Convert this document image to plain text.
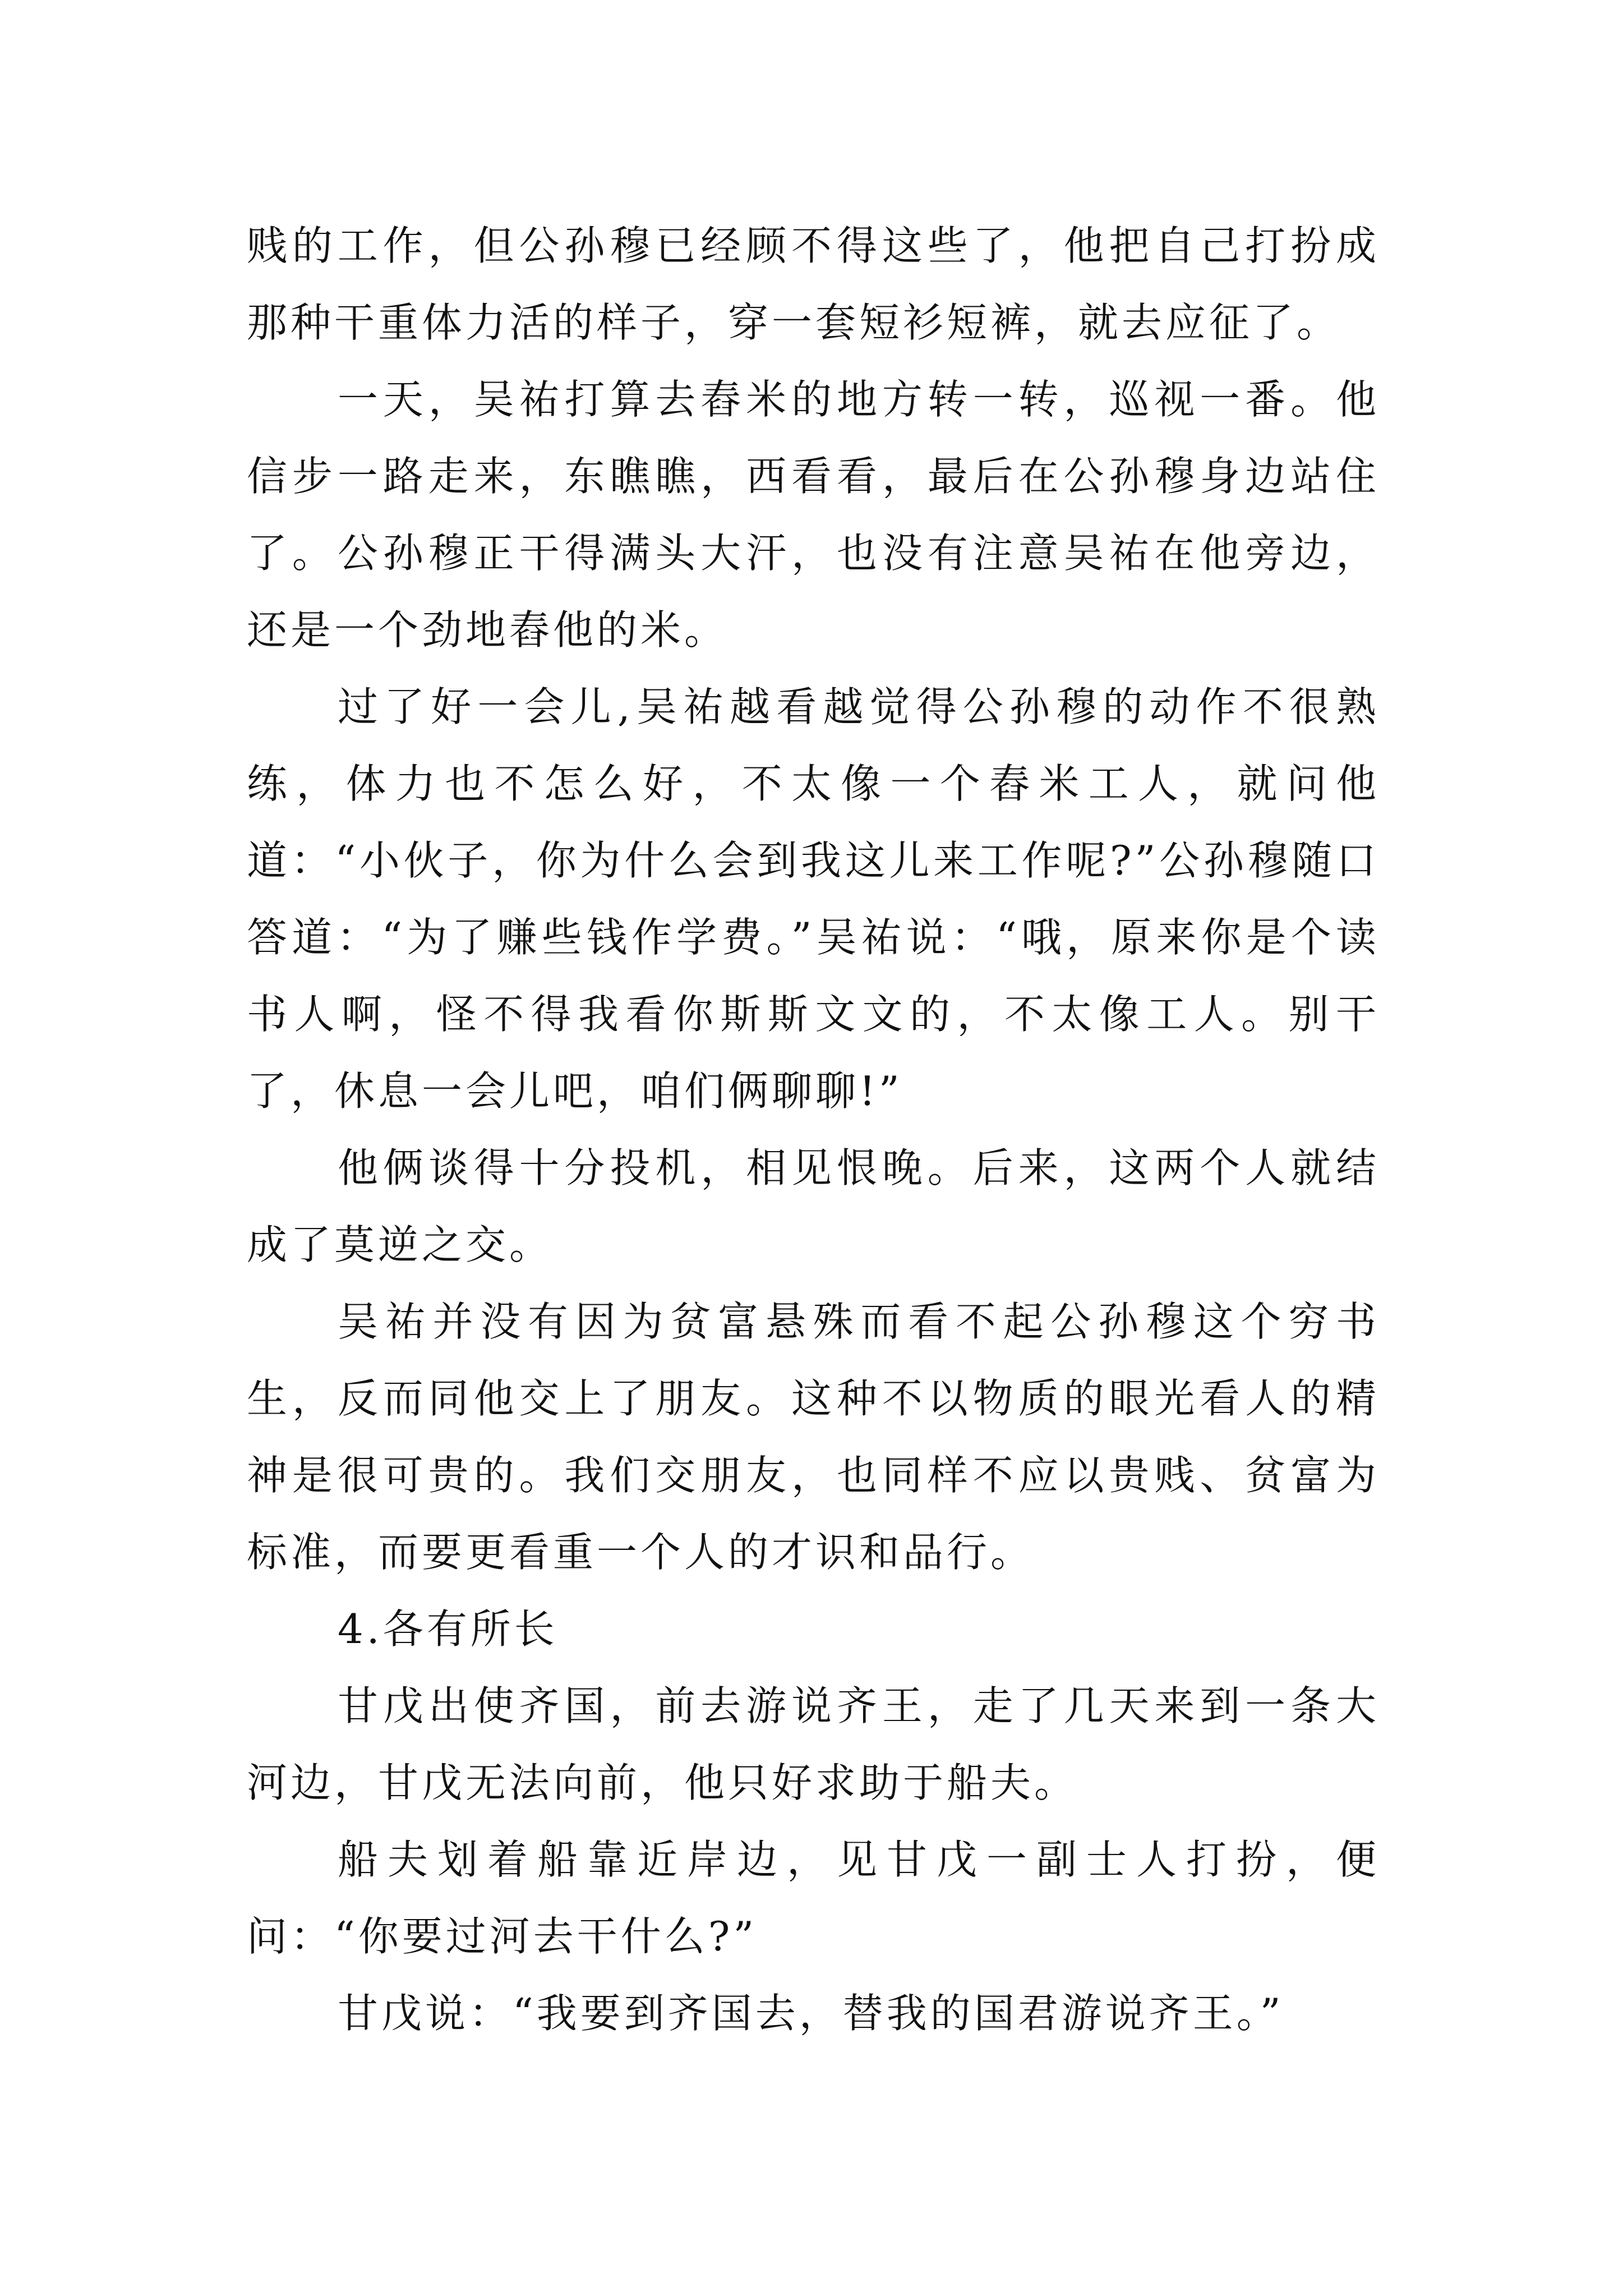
贱的工作，但公孙穆已经顾不得这些了，他把自己打扮成那种干重体力活的样子，穿一套短衫短裤，就去应征了。

一天，吴祐打算去舂米的地方转一转，巡视一番。他信步一路走来，东瞧瞧，西看看，最后在公孙穆身边站住了。公孙穆正干得满头大汗，也没有注意吴祐在他旁边，还是一个劲地舂他的米。

过了好一会儿,吴祐越看越觉得公孙穆的动作不很熟练，体力也不怎么好，不太像一个舂米工人，就问他道：“小伙子，你为什么会到我这儿来工作呢?”公孙穆随口答道：“为了赚些钱作学费。”吴祐说：“哦，原来你是个读书人啊，怪不得我看你斯斯文文的，不太像工人。别干了，休息一会儿吧，咱们俩聊聊!”

他俩谈得十分投机，相见恨晚。后来，这两个人就结成了莫逆之交。

吴祐并没有因为贫富悬殊而看不起公孙穆这个穷书生，反而同他交上了朋友。这种不以物质的眼光看人的精神是很可贵的。我们交朋友，也同样不应以贵贱、贫富为标准，而要更看重一个人的才识和品行。

4.各有所长

甘戊出使齐国，前去游说齐王，走了几天来到一条大河边，甘戊无法向前，他只好求助于船夫。

船夫划着船靠近岸边，见甘戊一副士人打扮，便问：“你要过河去干什么?”

甘戊说：“我要到齐国去，替我的国君游说齐王。”
